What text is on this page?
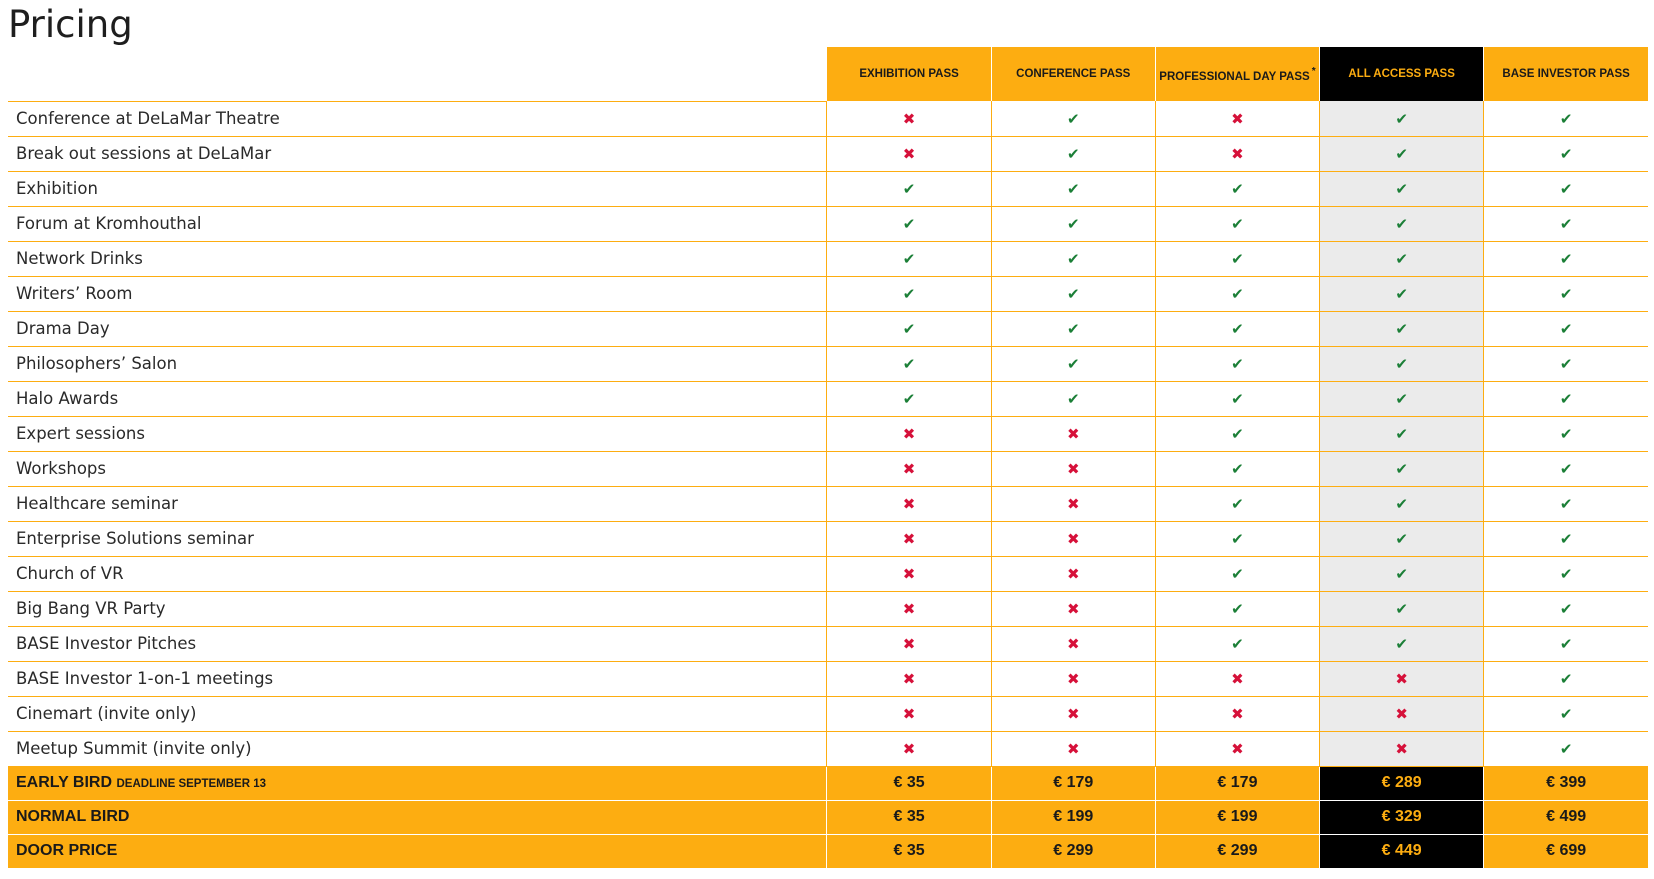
Pricing
	EXHIBITION PASS	CONFERENCE PASS	PROFESSIONAL DAY PASS *	ALL ACCESS PASS	BASE INVESTOR PASS
Conference at DeLaMar Theatre	✖	✔	✖	✔	✔
Break out sessions at DeLaMar	✖	✔	✖	✔	✔
Exhibition	✔	✔	✔	✔	✔
Forum at Kromhouthal	✔	✔	✔	✔	✔
Network Drinks	✔	✔	✔	✔	✔
Writers’ Room	✔	✔	✔	✔	✔
Drama Day	✔	✔	✔	✔	✔
Philosophers’ Salon	✔	✔	✔	✔	✔
Halo Awards	✔	✔	✔	✔	✔
Expert sessions	✖	✖	✔	✔	✔
Workshops	✖	✖	✔	✔	✔
Healthcare seminar	✖	✖	✔	✔	✔
Enterprise Solutions seminar	✖	✖	✔	✔	✔
Church of VR	✖	✖	✔	✔	✔
Big Bang VR Party	✖	✖	✔	✔	✔
BASE Investor Pitches	✖	✖	✔	✔	✔
BASE Investor 1-on-1 meetings	✖	✖	✖	✖	✔
Cinemart (invite only)	✖	✖	✖	✖	✔
Meetup Summit (invite only)	✖	✖	✖	✖	✔
EARLY BIRD DEADLINE SEPTEMBER 13	€ 35	€ 179	€ 179	€ 289	€ 399
NORMAL BIRD	€ 35	€ 199	€ 199	€ 329	€ 499
DOOR PRICE	€ 35	€ 299	€ 299	€ 449	€ 699
